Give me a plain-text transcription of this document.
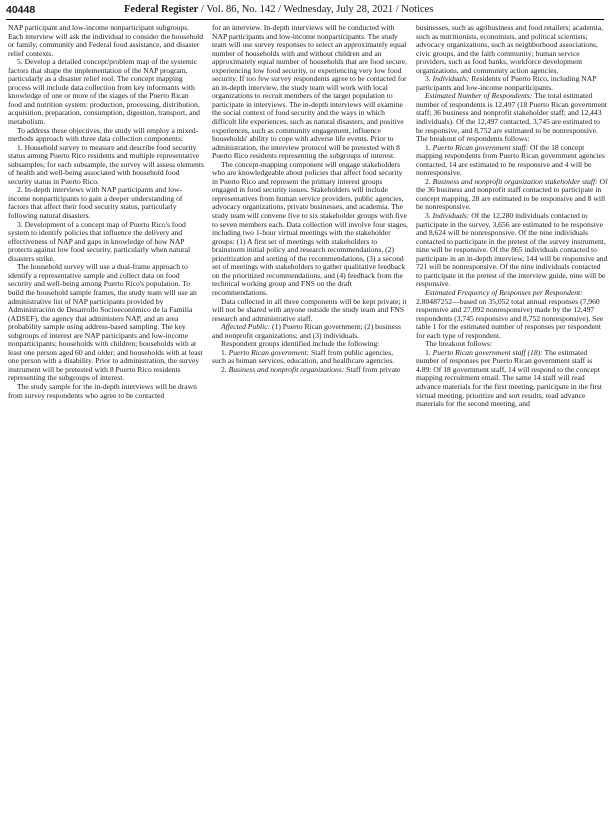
40448	Federal Register / Vol. 86, No. 142 / Wednesday, July 28, 2021 / Notices

NAP participant and low-income nonparticipant subgroups. Each interview will ask the individual to consider the household or family, community and Federal food assistance, and disaster relief contexts.

5. Develop a detailed concept/problem map of the systemic factors that shape the implementation of the NAP program, particularly as a disaster relief tool. The concept mapping process will include data collection from key informants with knowledge of one or more of the stages of the Puerto Rican food and nutrition system: production, processing, distribution, acquisition, preparation, consumption, digestion, transport, and metabolism.

To address these objectives, the study will employ a mixed-methods approach with three data collection components:

1. Household survey to measure and describe food security status among Puerto Rico residents and multiple representative subsamples; for each subsample, the survey will assess elements of health and well-being associated with household food security status in Puerto Rico.

2. In-depth interviews with NAP participants and low-income nonparticipants to gain a deeper understanding of factors that affect their food security status, particularly following natural disasters.

3. Development of a concept map of Puerto Rico's food system to identify policies that influence the delivery and effectiveness of NAP and gaps in knowledge of how NAP protects against low food security, particularly when natural disasters strike.

The household survey will use a dual-frame approach to identify a representative sample and collect data on food security and well-being among Puerto Rico's population. To build the household sample frames, the study team will use an administrative list of NAP participants provided by Administración de Desarrollo Socioeconómico de la Familia (ADSEF), the agency that administers NAP, and an area probability sample using address-based sampling. The key subgroups of interest are NAP participants and low-income nonparticipants; households with children; households with at least one person aged 60 and older; and households with at least one person with a disability. Prior to administration, the survey instrument will be pretested with 8 Puerto Rico residents representing the subgroups of interest.

The study sample for the in-depth interviews will be drawn from survey respondents who agree to be contacted

for an interview. In-depth interviews will be conducted with NAP participants and low-income nonparticipants. The study team will use survey responses to select an approximately equal number of households with and without children and an approximately equal number of households that are food secure, experiencing low food security, or experiencing very low food security. If too few survey respondents agree to be contacted for an in-depth interview, the study team will work with local organizations to recruit members of the target population to participate in interviews. The in-depth interviews will examine the social context of food security and the ways in which difficult life experiences, such as natural disasters, and positive experiences, such as community engagement, influence households' ability to cope with adverse life events. Prior to administration, the interview protocol will be pretested with 8 Puerto Rico residents representing the subgroups of interest.

The concept-mapping component will engage stakeholders who are knowledgeable about policies that affect food security in Puerto Rico and represent the primary interest groups engaged in food security issues. Stakeholders will include representatives from human service providers, public agencies, advocacy organizations, private businesses, and academia. The study team will convene five to six stakeholder groups with five to seven members each. Data collection will involve four stages, including two 1-hour virtual meetings with the stakeholder groups: (1) A first set of meetings with stakeholders to brainstorm initial policy and research recommendations, (2) prioritization and sorting of the recommendations, (3) a second set of meetings with stakeholders to gather qualitative feedback on the prioritized recommendations, and (4) feedback from the technical working group and FNS on the draft recommendations.

Data collected in all three components will be kept private; it will not be shared with anyone outside the study team and FNS research and administrative staff.

Affected Public: (1) Puerto Rican government; (2) business and nonprofit organizations; and (3) individuals.

Respondent groups identified include the following:

1. Puerto Rican government: Staff from public agencies, such as human services, education, and healthcare agencies.

2. Business and nonprofit organizations: Staff from private

businesses, such as agribusiness and food retailers; academia, such as nutritionists, economists, and political scientists; advocacy organizations, such as neighborhood associations, civic groups, and the faith community; human service providers, such as food banks, workforce development organizations, and community action agencies.

3. Individuals: Residents of Puerto Rico, including NAP participants and low-income nonparticipants.

Estimated Number of Respondents: The total estimated number of respondents is 12,497 (18 Puerto Rican government staff; 36 business and nonprofit stakeholder staff; and 12,443 individuals). Of the 12,497 contacted, 3,745 are estimated to be responsive, and 8,752 are estimated to be nonresponsive. The breakout of respondents follows:

1. Puerto Rican government staff: Of the 18 concept mapping respondents from Puerto Rican government agencies contacted, 14 are estimated to be responsive and 4 will be nonresponsive.

2. Business and nonprofit organization stakeholder staff: Of the 36 business and nonprofit staff contacted to participate in concept mapping, 28 are estimated to be responsive and 8 will be nonresponsive.

3. Individuals: Of the 12,280 individuals contacted to participate in the survey, 3,656 are estimated to be responsive and 8,624 will be nonresponsive. Of the nine individuals contacted to participate in the pretest of the survey instrument, nine will be responsive. Of the 865 individuals contacted to participate in an in-depth interview, 144 will be responsive and 721 will be nonresponsive. Of the nine individuals contacted to participate in the pretest of the interview guide, nine will be responsive.

Estimated Frequency of Responses per Respondent: 2.80487252—based on 35,052 total annual responses (7,960 responsive and 27,092 nonresponsive) made by the 12,497 respondents (3,745 responsive and 8,752 nonresponsive). See table 1 for the estimated number of responses per respondent for each type of respondent.

The breakout follows:

1. Puerto Rican government staff (18): The estimated number of responses per Puerto Rican government staff is 4.89: Of 18 government staff, 14 will respond to the concept mapping recruitment email. The same 14 staff will read advance materials for the first meeting, participate in the first virtual meeting, prioritize and sort results, read advance materials for the second meeting, and
